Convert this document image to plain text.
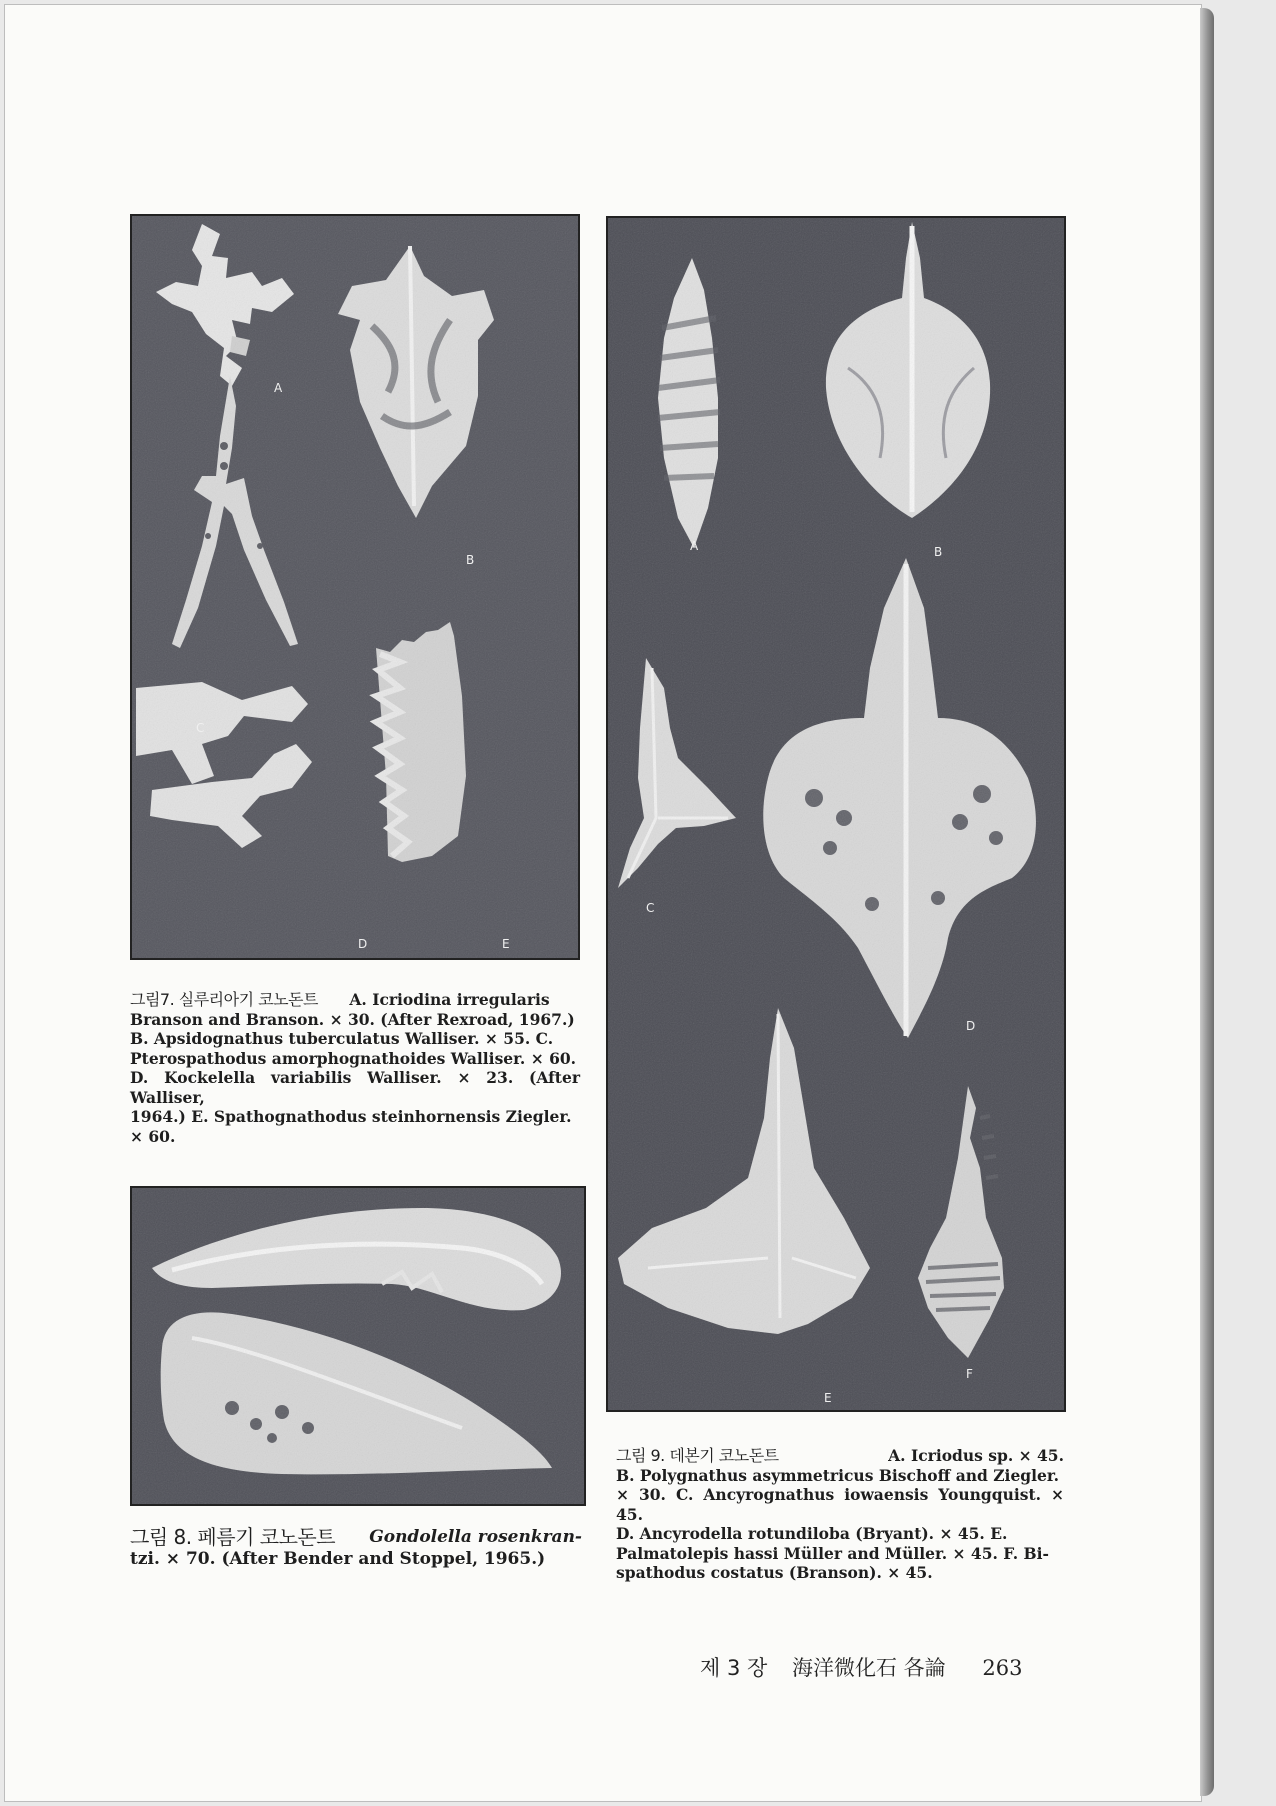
A
B
C
D	E
그림7. 실루리아기 코노돈트 A. Icriodina irregularis
Branson and Branson. × 30. (After Rexroad, 1967.)
B. Apsidognathus tuberculatus Walliser. × 55. C.
Pterospathodus amorphognathoides Walliser. × 60.
D. Kockelella variabilis Walliser. × 23. (After Walliser,
1964.) E. Spathognathodus steinhornensis Ziegler.
× 60.
그림 8. 페름기 코노돈트 Gondolella rosenkran-
tzi. × 70. (After Bender and Stoppel, 1965.)
A	B
C
D
E
F
그림 9. 데본기 코노돈트	A. Icriodus sp. × 45.
B. Polygnathus asymmetricus Bischoff and Ziegler.
× 30. C. Ancyrognathus iowaensis Youngquist. × 45.
D. Ancyrodella rotundiloba (Bryant). × 45. E.
Palmatolepis hassi Müller and Müller. × 45. F. Bi-
spathodus costatus (Branson). × 45.
제 3 장 海洋微化石 各論 263
